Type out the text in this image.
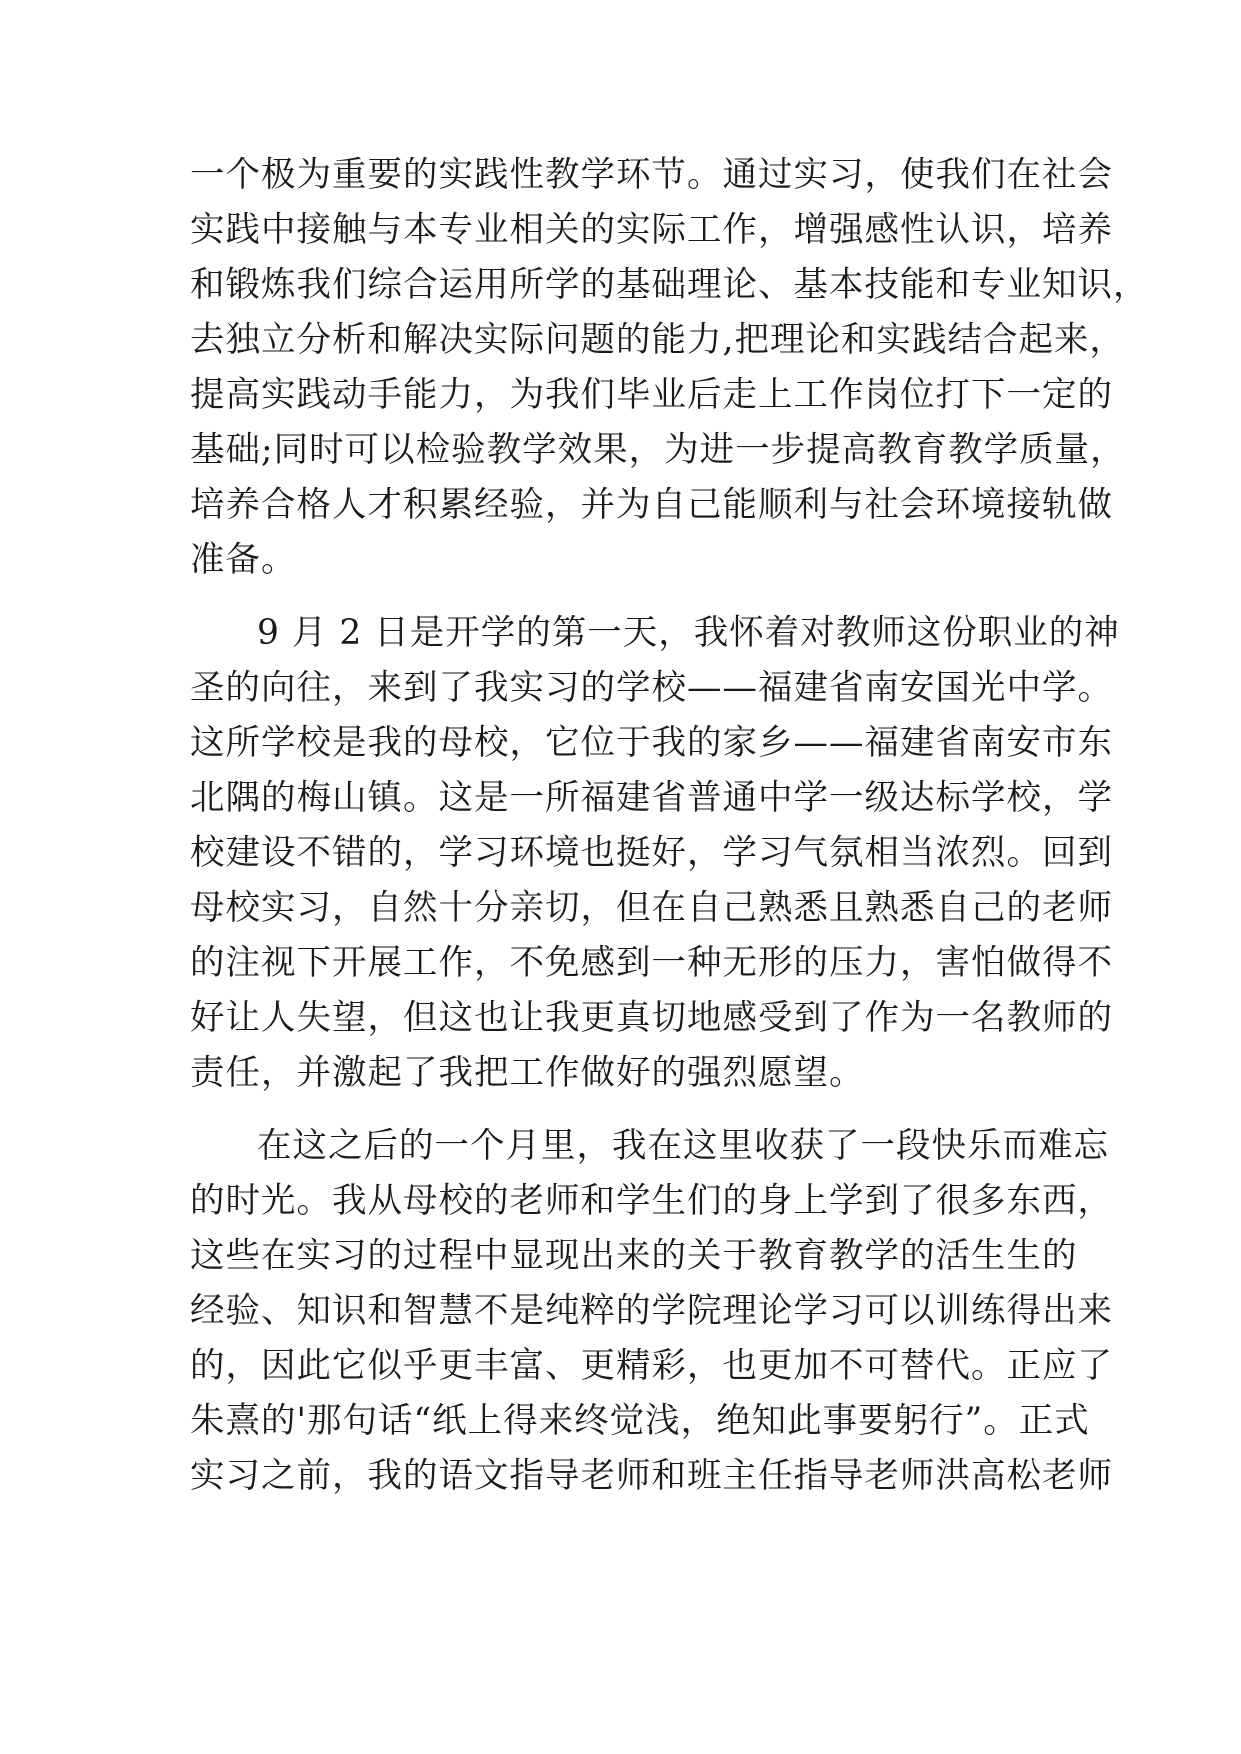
一个极为重要的实践性教学环节。通过实习，使我们在社会
实践中接触与本专业相关的实际工作，增强感性认识，培养
和锻炼我们综合运用所学的基础理论、基本技能和专业知识，
去独立分析和解决实际问题的能力,把理论和实践结合起来，
提高实践动手能力，为我们毕业后走上工作岗位打下一定的
基础;同时可以检验教学效果，为进一步提高教育教学质量，
培养合格人才积累经验，并为自己能顺利与社会环境接轨做
准备。
9 月 2 日是开学的第一天，我怀着对教师这份职业的神
圣的向往，来到了我实习的学校——福建省南安国光中学。
这所学校是我的母校，它位于我的家乡——福建省南安市东
北隅的梅山镇。这是一所福建省普通中学一级达标学校，学
校建设不错的，学习环境也挺好，学习气氛相当浓烈。回到
母校实习，自然十分亲切，但在自己熟悉且熟悉自己的老师
的注视下开展工作，不免感到一种无形的压力，害怕做得不
好让人失望，但这也让我更真切地感受到了作为一名教师的
责任，并激起了我把工作做好的强烈愿望。
在这之后的一个月里，我在这里收获了一段快乐而难忘
的时光。我从母校的老师和学生们的身上学到了很多东西，
这些在实习的过程中显现出来的关于教育教学的活生生的
经验、知识和智慧不是纯粹的学院理论学习可以训练得出来
的，因此它似乎更丰富、更精彩，也更加不可替代。正应了
朱熹的'那句话“纸上得来终觉浅，绝知此事要躬行”。正式
实习之前，我的语文指导老师和班主任指导老师洪高松老师
